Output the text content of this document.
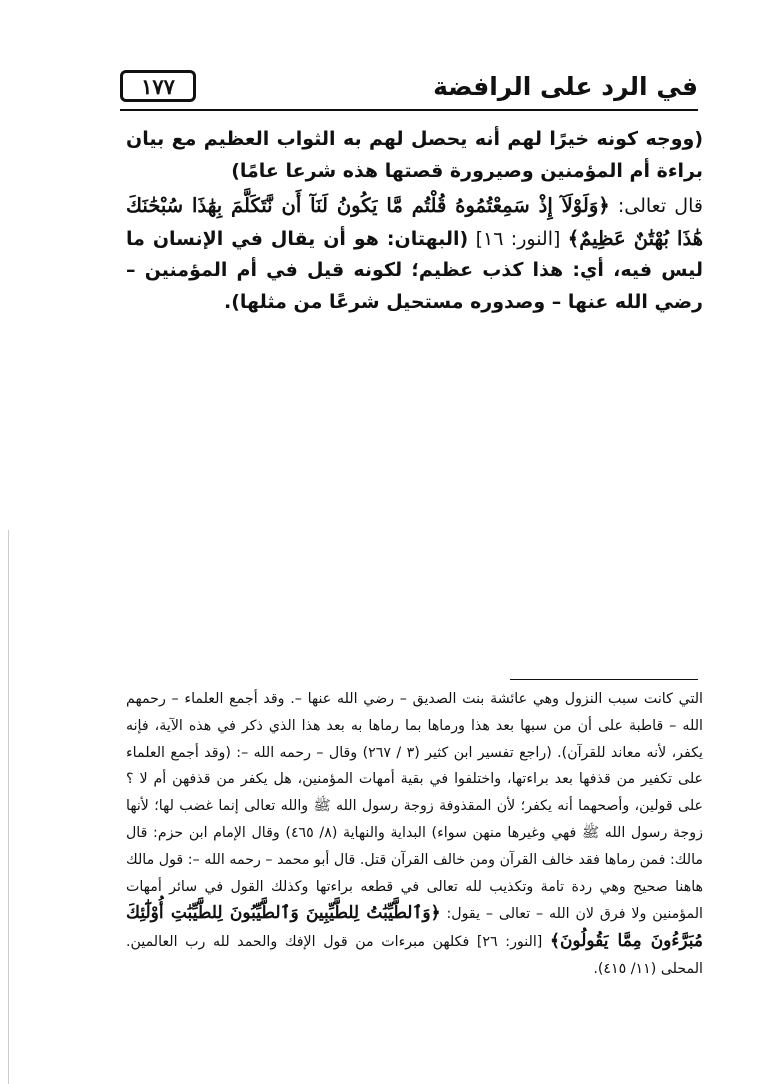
في الرد على الرافضة
١٧٧

(ووجه كونه خيرًا لهم أنه يحصل لهم به الثواب العظيم مع بيان براءة أم المؤمنين وصيرورة قصتها هذه شرعا عامًا)

قال تعالى: ﴿وَلَوْلَآ إِذْ سَمِعْتُمُوهُ قُلْتُم مَّا يَكُونُ لَنَآ أَن نَّتَكَلَّمَ بِهَٰذَا سُبْحَٰنَكَ هَٰذَا بُهْتَٰنٌ عَظِيمٌ﴾ [النور: ١٦] (البهتان: هو أن يقال في الإنسان ما ليس فيه، أي: هذا كذب عظيم؛ لكونه قيل في أم المؤمنين – رضي الله عنها – وصدوره مستحيل شرعًا من مثلها).

التي كانت سبب النزول وهي عائشة بنت الصديق – رضي الله عنها –. وقد أجمع العلماء – رحمهم الله – قاطبة على أن من سبها بعد هذا ورماها بما رماها به بعد هذا الذي ذكر في هذه الآية، فإنه يكفر، لأنه معاند للقرآن). (راجع تفسير ابن كثير (٣ / ٢٦٧) وقال – رحمه الله –: (وقد أجمع العلماء على تكفير من قذفها بعد براءتها، واختلفوا في بقية أمهات المؤمنين، هل يكفر من قذفهن أم لا ؟ على قولين، وأصحهما أنه يكفر؛ لأن المقذوفة زوجة رسول الله ﷺ والله تعالى إنما غضب لها؛ لأنها زوجة رسول الله ﷺ فهي وغيرها منهن سواء) البداية والنهاية (٨/ ٤٦٥) وقال الإمام ابن حزم: قال مالك: فمن رماها فقد خالف القرآن ومن خالف القرآن قتل. قال أبو محمد – رحمه الله –: قول مالك هاهنا صحيح وهي ردة تامة وتكذيب لله تعالى في قطعه براءتها وكذلك القول في سائر أمهات المؤمنين ولا فرق لان الله – تعالى – يقول: ﴿وَٱلطَّيِّبَٰتُ لِلطَّيِّبِينَ وَٱلطَّيِّبُونَ لِلطَّيِّبَٰتِ أُوْلَٰٓئِكَ مُبَرَّءُونَ مِمَّا يَقُولُونَ﴾ [النور: ٢٦] فكلهن مبرءات من قول الإفك والحمد لله رب العالمين. المحلى (١١/ ٤١٥).
